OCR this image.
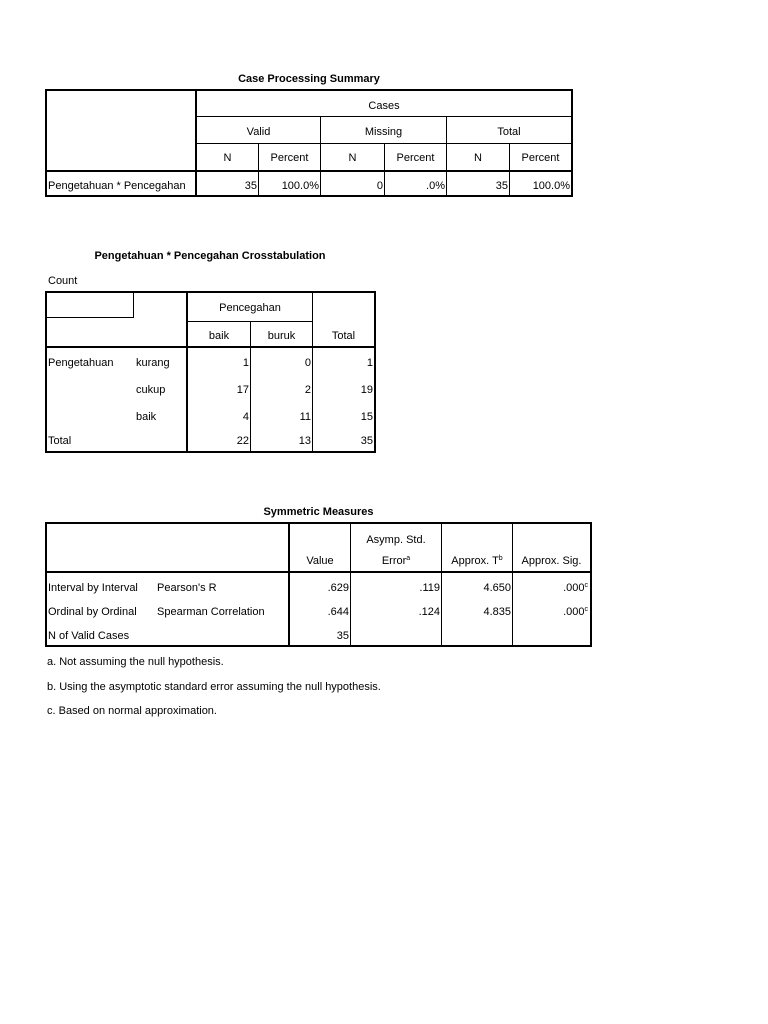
Case Processing Summary
Cases
Valid	Missing	Total
N	Percent	N	Percent	N	Percent
Pengetahuan * Pencegahan	35	100.0%	0	.0%	35	100.0%
Pengetahuan * Pencegahan Crosstabulation
Count
Pencegahan
baik	buruk	Total
Pengetahuan kurang	1	0	1
cukup	17	2	19
baik	4	11	15
Total	22	13	35
Symmetric Measures
Value
Asymp. Std.
Error$^a$	Approx. $T^b$	Approx. Sig.
Interval by Interval Pearson's R	.629	.119	4.650	.000$^c$
Ordinal by Ordinal Spearman Correlation	.644	.124	4.835	.000$^c$
N of Valid Cases	35
a. Not assuming the null hypothesis.
b. Using the asymptotic standard error assuming the null hypothesis.
c. Based on normal approximation.
